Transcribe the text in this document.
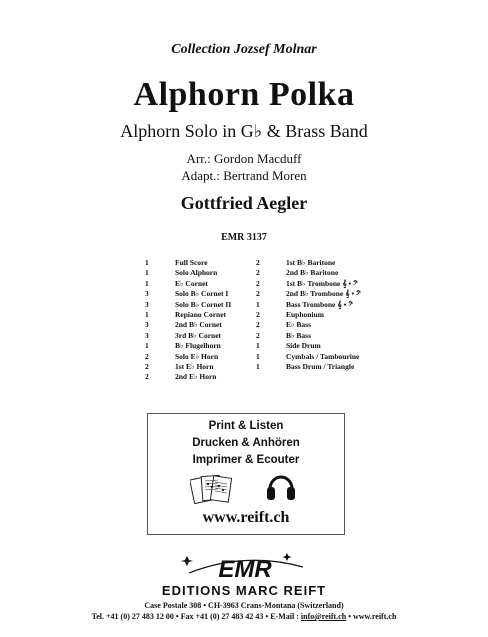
Collection Jozsef Molnar
Alphorn Polka
Alphorn Solo in G♭ & Brass Band
Arr.: Gordon Macduff
Adapt.: Bertrand Moren
Gottfried Aegler
EMR 3137
1	Full Score
1	Solo Alphorn
1	E♭ Cornet
3	Solo B♭ Cornet I
3	Solo B♭ Cornet II
1	Repiano Cornet
3	2nd B♭ Cornet
3	3rd B♭ Cornet
1	B♭ Flugelhorn
2	Solo E♭ Horn
2	1st E♭ Horn
2	2nd E♭ Horn
2	1st B♭ Baritone
2	2nd B♭ Baritone
2	1st B♭ Trombone 𝄞 • 𝄢
2	2nd B♭ Trombone 𝄞 • 𝄢
1	Bass Trombone 𝄞 • 𝄢
2	Euphonium
2	E♭ Bass
2	B♭ Bass
1	Side Drum
1	Cymbals / Tambourine
1	Bass Drum / Triangle
Print & Listen
Drucken & Anhören
Imprimer & Ecouter
www.reift.ch
EMR
EDITIONS MARC REIFT
Case Postale 308 • CH-3963 Crans-Montana (Switzerland)
Tel. +41 (0) 27 483 12 00 • Fax +41 (0) 27 483 42 43 • E-Mail : info@reift.ch • www.reift.ch
